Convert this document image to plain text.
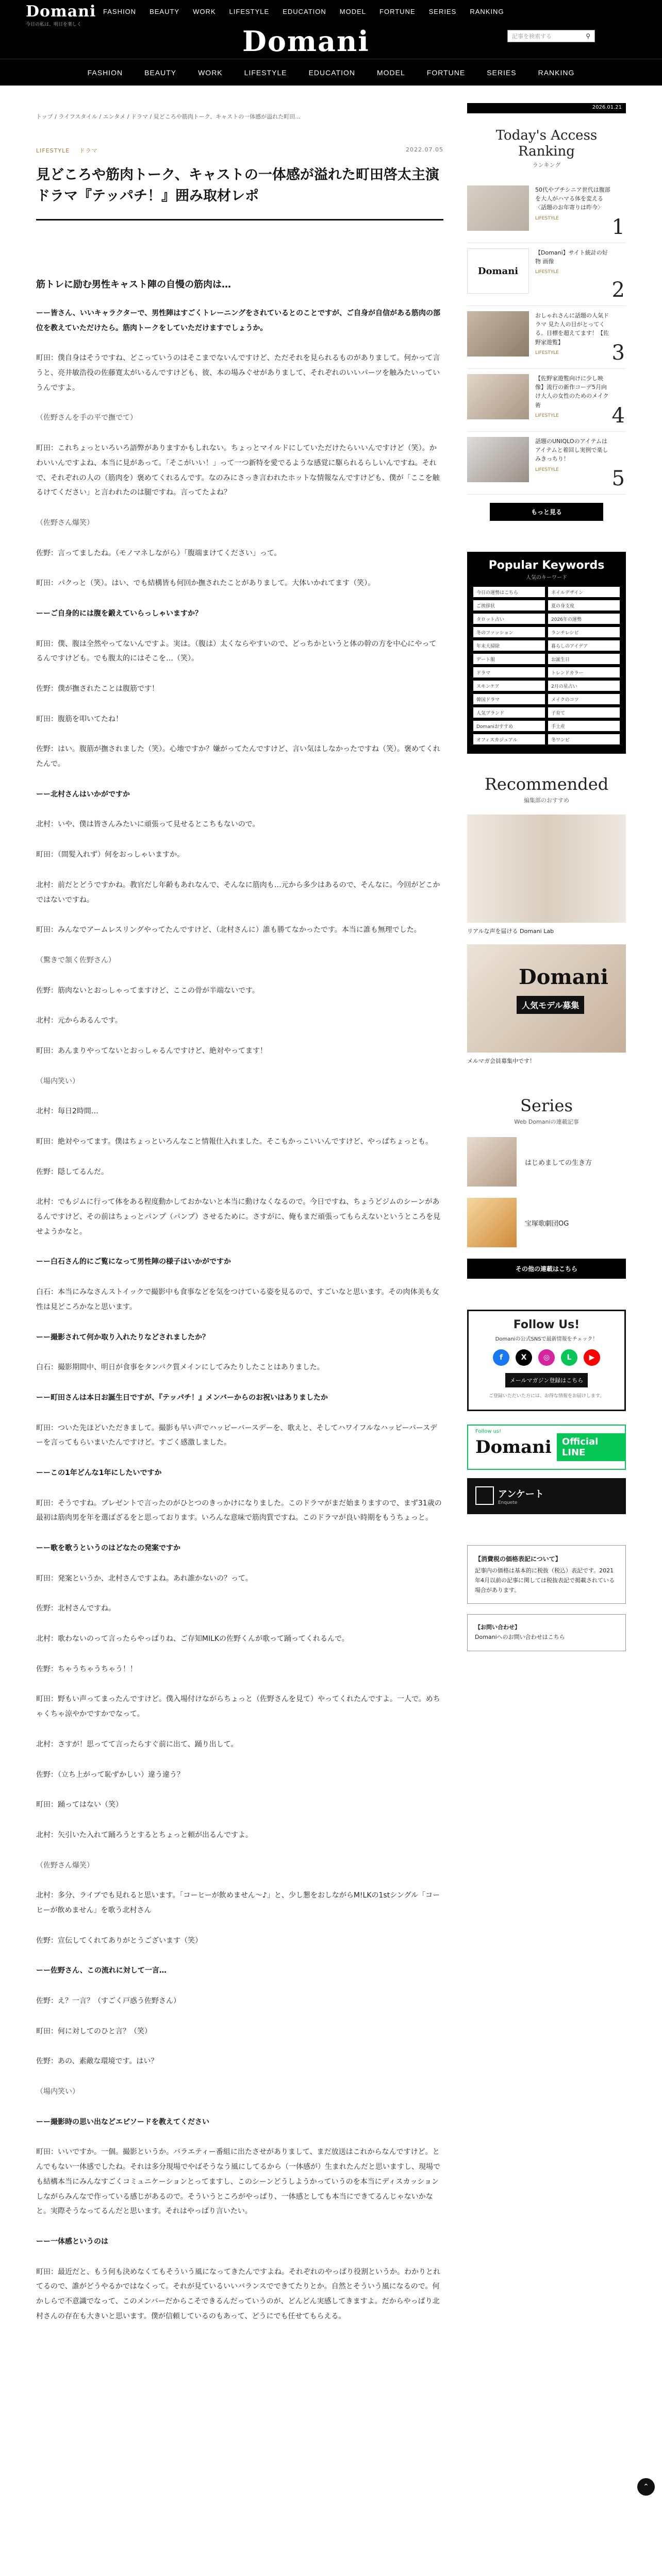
Domani	FASHION BEAUTY WORK LIFESTYLE EDUCATION MODEL FORTUNE SERIES RANKING
今日の私は、明日を楽しく	Domani	記事を検索する	⚲
FASHION	BEAUTY	WORK	LIFESTYLE	EDUCATION	MODEL	FORTUNE	SERIES	RANKING
トップ / ライフスタイル / エンタメ / ドラマ / 見どころや筋肉トーク、キャストの一体感が溢れた町田...
LIFESTYLE ドラマ	2022.07.05
見どころや筋肉トーク、キャストの一体感が溢れた町田啓太主演ドラマ『テッパチ！』囲み取材レポ
筋トレに励む男性キャスト陣の自慢の筋肉は…

ーー皆さん、いいキャラクターで、男性陣はすごくトレーニングをされているとのことですが、ご自身が自信がある筋肉の部位を教えていただけたら。筋肉トークをしていただけますでしょうか。

町田：僕自身はそうですね、どこっていうのはそこまでないんですけど、ただそれを見られるものがありまして。何かって言うと、亮井敏浩役の佐藤寛太がいるんですけども、彼、本の場みぐせがありまして、それぞれのいいパーツを触みたいっていうんですよ。

（佐野さんを手の平で撫でて）

町田：これちょっといろいろ語弊がありますかもしれない。ちょっとマイルドにしていただけたらいいんですけど（笑）。かわいいんですよね、本当に見があって。「そこがいい！」って一つ新特を愛でるような感覚に駆られるらしいんですね。それで、それぞれの人の（筋肉を）褒めてくれるんです。なのみにさっき言われたホットな情報なんですけども、僕が「ここを触るけてください」と言われたのは腿ですね。言ってたよね？

（佐野さん爆笑）

佐野：言ってましたね。（モノマネしながら）「腹端まけてください」って。

町田：パクっと（笑）。はい、でも結構皆も何回か撫されたことがありまして。大体いかれてます（笑）。

ーーご自身的には腹を鍛えていらっしゃいますか？

町田：僕、腹は全然やってないんですよ。実は。（腹は）太くならやすいので、どっちかというと体の幹の方を中心にやってるんですけども。でも腹太的にはそこを…（笑）。

佐野：僕が撫されたことは腹筋です！

町田：腹筋を叩いてたね！

佐野：はい。腹筋が撫されました（笑）。心地ですか？嫌がってたんですけど、言い気はしなかったですね（笑）。褒めてくれたんで。

ーー北村さんはいかがですか

北村：いや、僕は皆さんみたいに頑張って見せるとこちもないので。

町田：（間髪入れず）何をおっしゃいますか。

北村：前だとどうですかね。教官だし年齢もあれなんで、そんなに筋肉も…元から多少はあるので、そんなに。今回がどこかではないですね。

町田：みんなでアームレスリングやってたんですけど、（北村さんに）誰も勝てなかったです。本当に誰も無理でした。

（驚きで頷く佐野さん）

佐野：筋肉ないとおっしゃってますけど、ここの骨が半端ないです。

北村：元からあるんです。

町田：あんまりやってないとおっしゃるんですけど、絶対やってます！

（場内笑い）

北村：毎日2時間…

町田：絶対やってます。僕はちょっといろんなこと情報仕入れました。そこもかっこいいんですけど、やっぱちょっとも。

佐野：隠してるんだ。

北村：でもジムに行って体をある程度動かしておかないと本当に動けなくなるので。今日ですね、ちょうどジムのシーンがあるんですけど、その前はちょっとパンプ（パンプ）させるために。さすがに、俺もまだ頑張ってもらえないというところを見せようかなと。

ーー白石さん的にご覧になって男性陣の様子はいかがですか

白石：本当にみなさんストイックで撮影中も食事などを気をつけている姿を見るので、すごいなと思います。その肉体美も女性は見どころかなと思います。

ーー撮影されて何か取り入れたりなどされましたか？

白石：撮影期間中、明日が食事をタンパク質メインにしてみたりしたことはありました。

ーー町田さんは本日お誕生日ですが、『テッパチ！』メンバーからのお祝いはありましたか

町田：ついた先ほどいただきまして。撮影も早い声でハッピーバースデーを、歌えと、そしてハワイフルなハッピーバースデーを言ってもらいまいたんですけど。すごく感激しました。

ーーこの1年どんな1年にしたいですか

町田：そうですね。プレゼントで言ったのがひとつのきっかけになりました。このドラマがまだ始まりますので、まず31歳の最初は筋肉男を年を選ばざるをと思っております。いろんな意味で筋肉質ですね。このドラマが良い時期をもうちょっと。

ーー歌を歌うというのはどなたの発案ですか

町田：発案というか、北村さんですよね。あれ誰かないの？って。

佐野：北村さんですね。

北村：歌わないのって言ったらやっぱりね、ご存知MILKの佐野くんが歌って踊ってくれるんで。

佐野：ちゃうちゃうちゃう！！

町田：野もい声ってまったんですけど。僕入場付けながらちょっと（佐野さんを見て）やってくれたんですよ。一人で。めちゃくちゃ涼やかですかでなって。

北村：さすが！思ってて言ったらすぐ前に出て、踊り出して。

佐野：（立ち上がって恥ずかしい）違う違う？

町田：踊ってはない（笑）

北村：矢引いた入れて踊ろうとするとちょっと頼が出るんですよ。

（佐野さん爆笑）

北村：多分、ライブでも見れると思います。「コーヒーが飲めません～♪」と、少し懇をおしながらM!LKの1stシングル「コーヒーが飲めません」を歌う北村さん

佐野：宣伝してくれてありがとうございます（笑）

ーー佐野さん、この流れに対して一言…

佐野：え？一言？（すごく戸惑う佐野さん）

町田：何に対してのひと言？（笑）

佐野：あの、素敵な環境です。はい？

（場内笑い）

ーー撮影時の思い出などエピソードを教えてください

町田：いいですか。一個。撮影というか。バラエティー番組に出たさせがありまして、まだ放送はこれからなんですけど。とんでもない一体感でしたね。それは多分現場でやばそうなう風にしてるから（一体感が）生まれたんだと思いますし、現場でも結構本当にみんなすごくコミュニケーションとってますし、このシーンどうしようかっていうのを本当にディスカッションしながらみんなで作っている感じがあるので。そういうところがやっぱり、一体感としても本当にできてるんじゃないかなと。実際そうなってるんだと思います。それはやっぱり言いたい。

ーー一体感というのは

町田：最近だと、もう何も決めなくてもそういう風になってきたんですよね。それぞれのやっぱり役割というか。わかりとれてるので、誰がどうやるかではなくって。それが見ているいいバランスでできてたりとか。自然とそういう風になるので。何かしらで不意識でなって、このメンバーだからこそできるんだっていうのが、どんどん実感してきますよ。だからやっぱり北村さんの存在も大きいと思います。僕が信頼しているのもあって、どうにでも任せてもらえる。

2026.01.21
Today's Access Ranking
ランキング
50代やプチシニア世代は腹部を大人がハマる体を変える〈話題のお年寄りは昨今〉
LIFESTYLE	1
Domani
【Domani】サイト統計の好物 画像
LIFESTYLE
2
おしゃれさんに話題の人気ドラマ 見た人の目がとってくる。目標を超えてます！【佐野家遊覧】
LIFESTYLE	3
【佐野家遊覧向けに少し映像】流行の新作コーデ5月向け大人の女性のためのメイク術
LIFESTYLE	4
話題のUNIQLOのアイテムはアイテムと着回し実例で楽しみきっちり！
LIFESTYLE	5
もっと見る
Popular Keywords
人気のキーワード
今日の運勢はこちら	ネイルデザイン
ご挨拶状	夏の身支度
タロット占い	2026年の運勢
冬のファッション	ランチレシピ
年末大掃除	暮らしのアイデア
デート服	お誕生日
ドラマ	トレンドカラー
スキンケア	2月の星占い
韓国ドラマ	メイクのコツ
人気ブランド	子育て
Domaniおすすめ	手土産
オフィスカジュアル	冬ワンピ
Recommended
編集部のおすすめ
リアルな声を届ける Domani Lab
Domani
人気モデル募集
メルマガ会員募集中です！
Series
Web Domaniの連載記事
はじめましての生き方
宝塚歌劇団OG
その他の連載はこちら
Follow Us!
Domaniの公式SNSで最新情報をチェック！
f	X	◎	L	▶
メールマガジン登録はこちら
ご登録いただいた方には、お得な情報をお届けします。
Follow us!
Domani	Official LINE
アンケート
Enquete
【消費税の価格表記について】
記事内の価格は基本的に税抜（税込）表記です。2021年4月以前の記事に関しては税抜表記で掲載されている場合があります。
【お問い合わせ】
Domaniへのお問い合わせはこちら
⌃
